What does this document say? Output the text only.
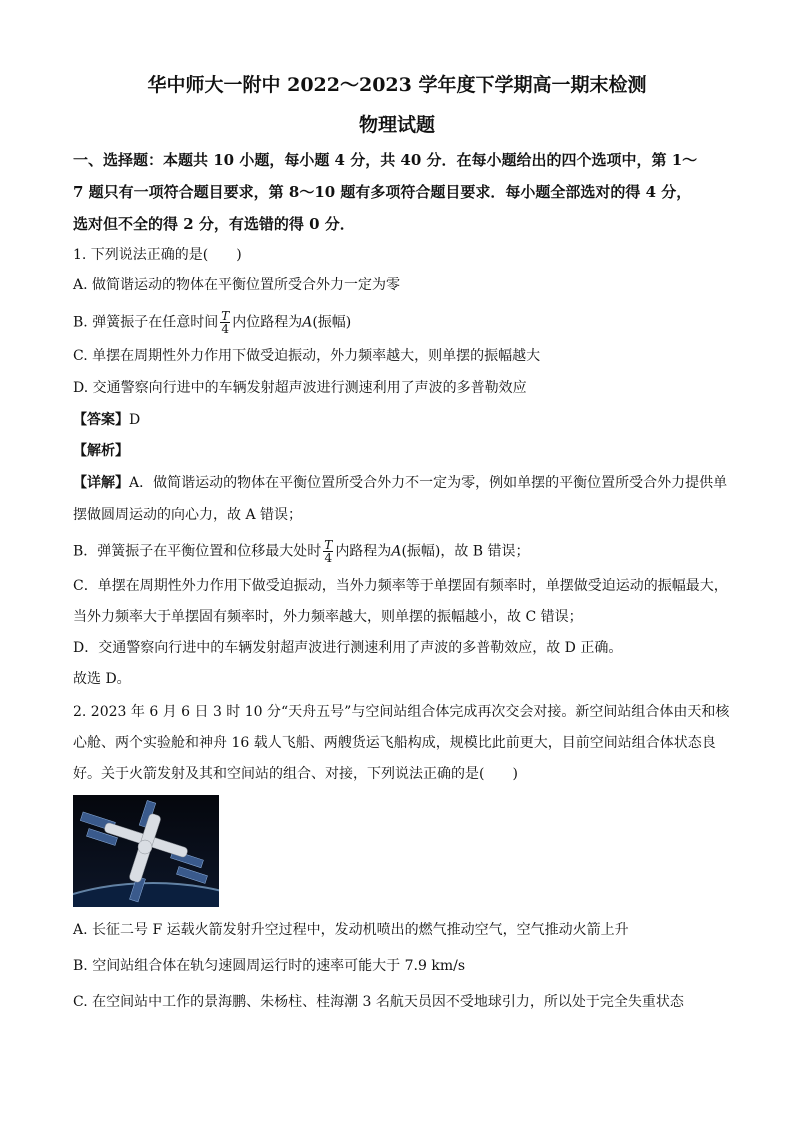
华中师大一附中 2022～2023 学年度下学期高一期末检测
物理试题
一、选择题：本题共 10 小题，每小题 4 分，共 40 分．在每小题给出的四个选项中，第 1～
7 题只有一项符合题目要求，第 8～10 题有多项符合题目要求．每小题全部选对的得 4 分，
选对但不全的得 2 分，有选错的得 0 分．
1. 下列说法正确的是(　　)
A. 做简谐运动的物体在平衡位置所受合外力一定为零
B. 弹簧振子在任意时间 $\frac{T}{4}$ 内位路程为A(振幅)
C. 单摆在周期性外力作用下做受迫振动，外力频率越大，则单摆的振幅越大
D. 交通警察向行进中的车辆发射超声波进行测速利用了声波的多普勒效应
【答案】D
【解析】
【详解】A．做简谐运动的物体在平衡位置所受合外力不一定为零，例如单摆的平衡位置所受合外力提供单
摆做圆周运动的向心力，故 A 错误；
B．弹簧振子在平衡位置和位移最大处时 $\frac{T}{4}$ 内路程为A(振幅)，故 B 错误；
C．单摆在周期性外力作用下做受迫振动，当外力频率等于单摆固有频率时，单摆做受迫运动的振幅最大，
当外力频率大于单摆固有频率时，外力频率越大，则单摆的振幅越小，故 C 错误；
D．交通警察向行进中的车辆发射超声波进行测速利用了声波的多普勒效应，故 D 正确。
故选 D。
2. 2023 年 6 月 6 日 3 时 10 分“天舟五号”与空间站组合体完成再次交会对接。新空间站组合体由天和核
心舱、两个实验舱和神舟 16 载人飞船、两艘货运飞船构成，规模比此前更大，目前空间站组合体状态良
好。关于火箭发射及其和空间站的组合、对接，下列说法正确的是(　　)
A. 长征二号 F 运载火箭发射升空过程中，发动机喷出的燃气推动空气，空气推动火箭上升
B. 空间站组合体在轨匀速圆周运行时的速率可能大于 7.9 km/s
C. 在空间站中工作的景海鹏、朱杨柱、桂海潮 3 名航天员因不受地球引力，所以处于完全失重状态
